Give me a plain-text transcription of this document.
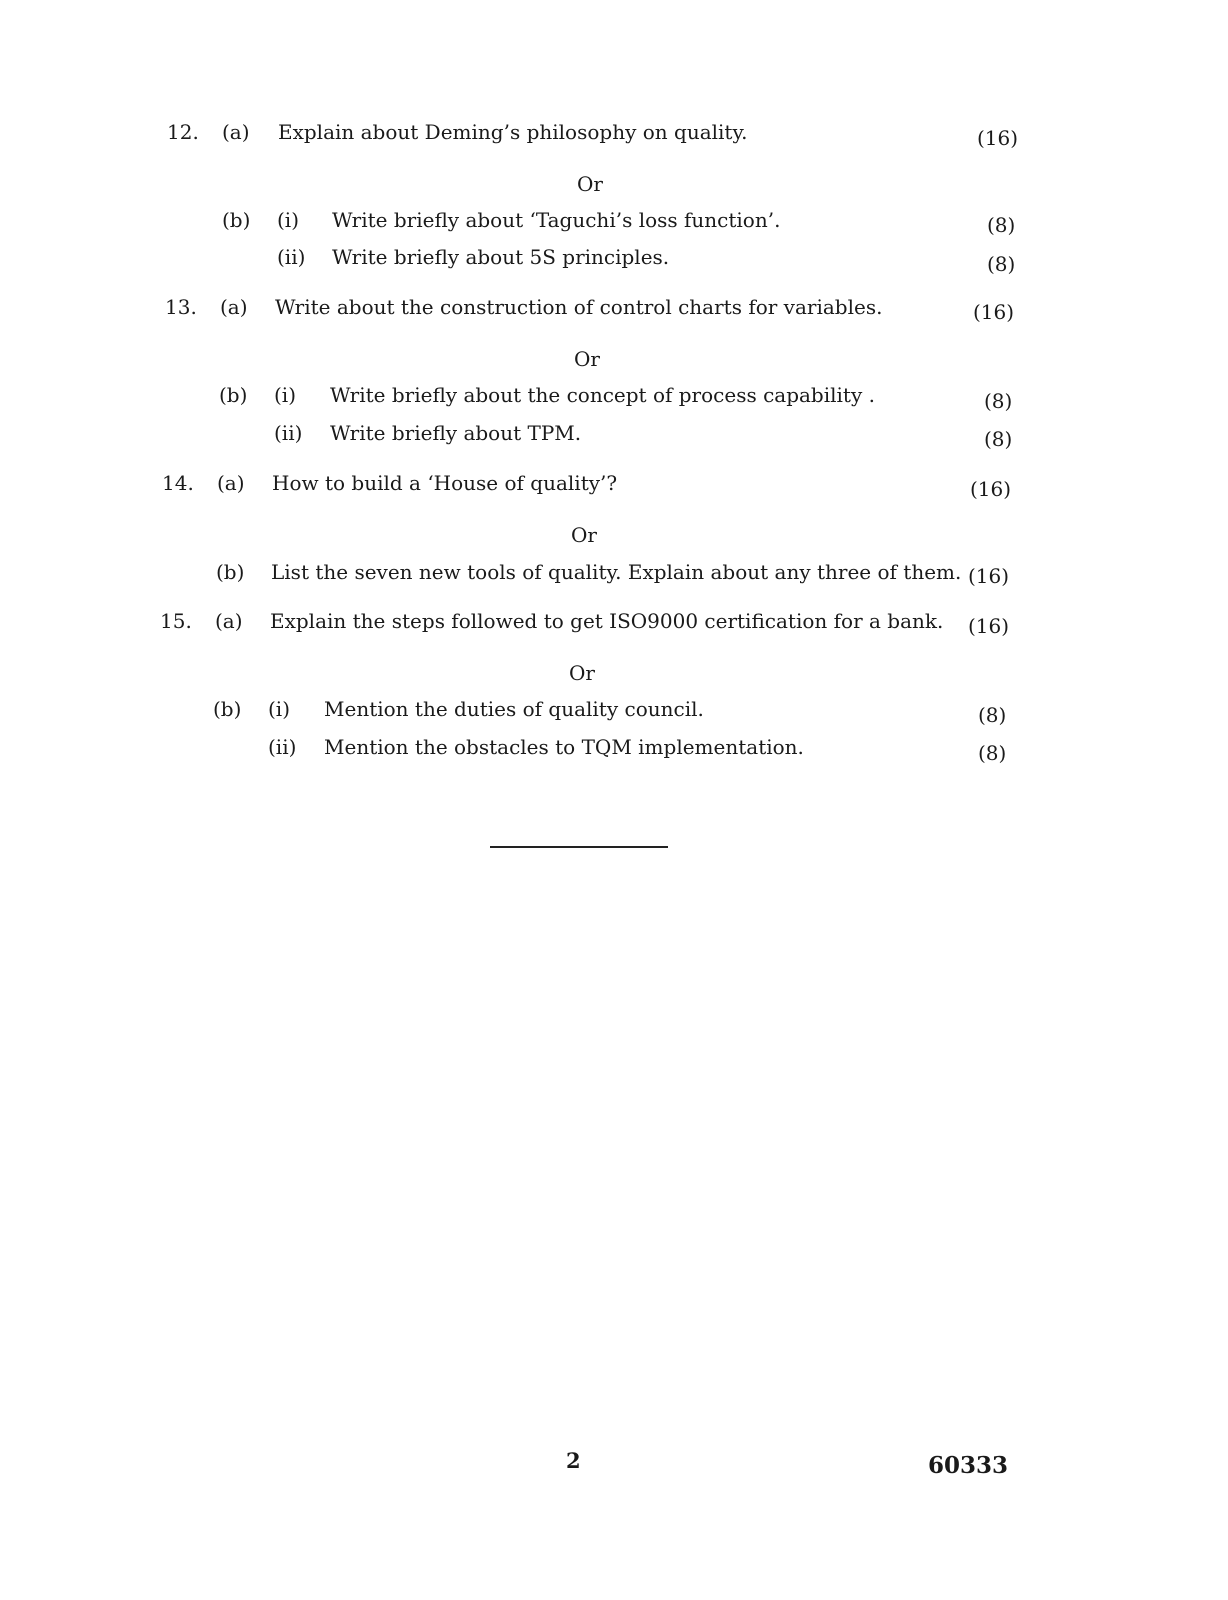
12. (a) Explain about Deming’s philosophy on quality.	(16)
Or
(b) (i) Write briefly about ‘Taguchi’s loss function’.	(8)
(ii) Write briefly about 5S principles.	(8)
13. (a) Write about the construction of control charts for variables.	(16)
Or
(b) (i) Write briefly about the concept of process capability .	(8)
(ii) Write briefly about TPM.	(8)
14. (a) How to build a ‘House of quality’?	(16)
Or
(b) List the seven new tools of quality. Explain about any three of them. (16)
15. (a) Explain the steps followed to get ISO9000 certification for a bank. (16)
Or
(b) (i) Mention the duties of quality council.	(8)
(ii) Mention the obstacles to TQM implementation.	(8)
2	60333
